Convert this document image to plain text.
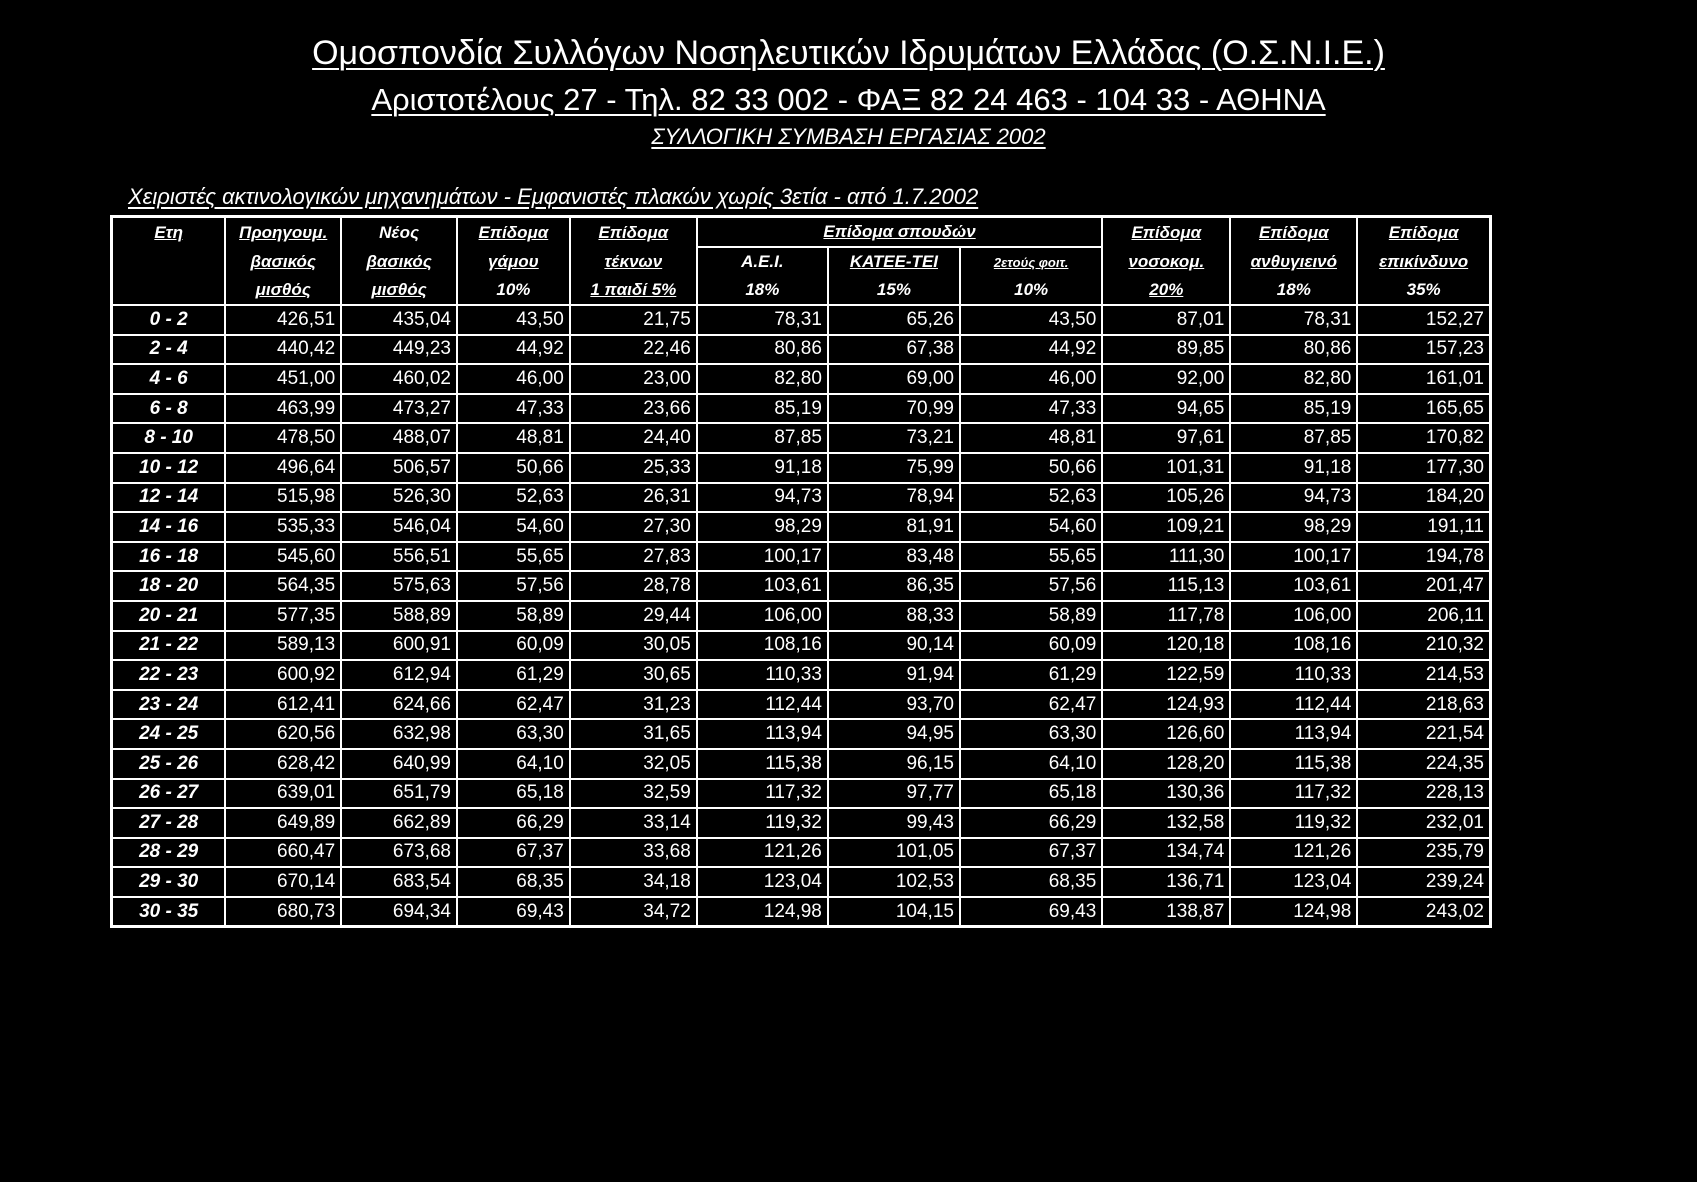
Ομοσπονδία Συλλόγων Νοσηλευτικών Ιδρυμάτων Ελλάδας (Ο.Σ.Ν.Ι.Ε.)
Αριστοτέλους 27 - Τηλ. 82 33 002 - ΦΑΞ 82 24 463 - 104 33 - ΑΘΗΝΑ
ΣΥΛΛΟΓΙΚΗ ΣΥΜΒΑΣΗ ΕΡΓΑΣΙΑΣ 2002
Χειριστές ακτινολογικών μηχανημάτων - Εμφανιστές πλακών χωρίς 3ετία - από 1.7.2002
Ετη	Προηγουμ.	Νέος	Επίδομα	Επίδομα	Επίδομα σπουδών			Επίδομα	Επίδομα	Επίδομα
	βασικός	βασικός	γάμου	τέκνων	Α.Ε.Ι.	ΚΑΤΕΕ-ΤΕΙ	2ετούς φοιτ.	νοσοκομ.	ανθυγιεινό	επικίνδυνο
	μισθός	μισθός	10%	1 παιδί 5%	18%	15%	10%	20%	18%	35%
0 - 2	426,51	435,04	43,50	21,75	78,31	65,26	43,50	87,01	78,31	152,27
2 - 4	440,42	449,23	44,92	22,46	80,86	67,38	44,92	89,85	80,86	157,23
4 - 6	451,00	460,02	46,00	23,00	82,80	69,00	46,00	92,00	82,80	161,01
6 - 8	463,99	473,27	47,33	23,66	85,19	70,99	47,33	94,65	85,19	165,65
8 - 10	478,50	488,07	48,81	24,40	87,85	73,21	48,81	97,61	87,85	170,82
10 - 12	496,64	506,57	50,66	25,33	91,18	75,99	50,66	101,31	91,18	177,30
12 - 14	515,98	526,30	52,63	26,31	94,73	78,94	52,63	105,26	94,73	184,20
14 - 16	535,33	546,04	54,60	27,30	98,29	81,91	54,60	109,21	98,29	191,11
16 - 18	545,60	556,51	55,65	27,83	100,17	83,48	55,65	111,30	100,17	194,78
18 - 20	564,35	575,63	57,56	28,78	103,61	86,35	57,56	115,13	103,61	201,47
20 - 21	577,35	588,89	58,89	29,44	106,00	88,33	58,89	117,78	106,00	206,11
21 - 22	589,13	600,91	60,09	30,05	108,16	90,14	60,09	120,18	108,16	210,32
22 - 23	600,92	612,94	61,29	30,65	110,33	91,94	61,29	122,59	110,33	214,53
23 - 24	612,41	624,66	62,47	31,23	112,44	93,70	62,47	124,93	112,44	218,63
24 - 25	620,56	632,98	63,30	31,65	113,94	94,95	63,30	126,60	113,94	221,54
25 - 26	628,42	640,99	64,10	32,05	115,38	96,15	64,10	128,20	115,38	224,35
26 - 27	639,01	651,79	65,18	32,59	117,32	97,77	65,18	130,36	117,32	228,13
27 - 28	649,89	662,89	66,29	33,14	119,32	99,43	66,29	132,58	119,32	232,01
28 - 29	660,47	673,68	67,37	33,68	121,26	101,05	67,37	134,74	121,26	235,79
29 - 30	670,14	683,54	68,35	34,18	123,04	102,53	68,35	136,71	123,04	239,24
30 - 35	680,73	694,34	69,43	34,72	124,98	104,15	69,43	138,87	124,98	243,02
